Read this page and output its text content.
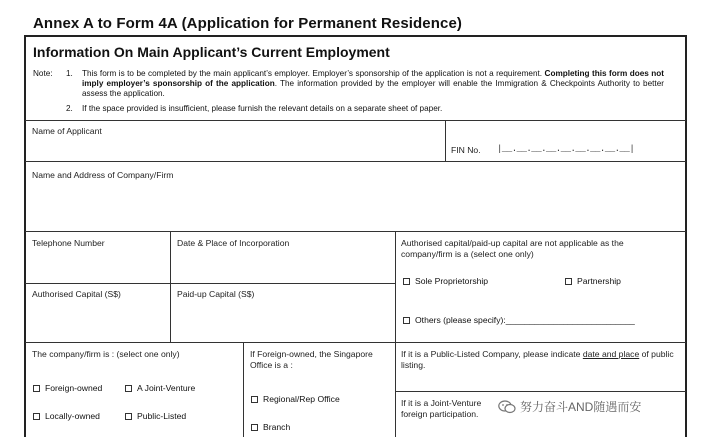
Annex A to Form 4A (Application for Permanent Residence)
Information On Main Applicant’s Current Employment
Note: 1. This form is to be completed by the main applicant’s employer. Employer’s sponsorship of the application is not a requirement. Completing this form does not imply employer’s sponsorship of the application. The information provided by the employer will enable the Immigration & Checkpoints Authority to better assess the application.
2. If the space provided is insufficient, please furnish the relevant details on a separate sheet of paper.
Name of Applicant
FIN No. |__.__.__.__.__.__.__.__.__|
Name and Address of Company/Firm
Telephone Number	Date & Place of Incorporation	Authorised capital/paid-up capital are not applicable as the company/firm is a (select one only)
Sole Proprietorship	Partnership
Others (please specify):___________________________
Authorised Capital (S$)	Paid-up Capital (S$)
The company/firm is : (select one only)
Foreign-owned	A Joint-Venture
Locally-owned	Public-Listed
If Foreign-owned, the Singapore Office is a :
Regional/Rep Office
Branch
If it is a Public-Listed Company, please indicate date and place of public listing.
If it is a Joint-Venture
foreign participation.	努力奋斗AND随遇而安
